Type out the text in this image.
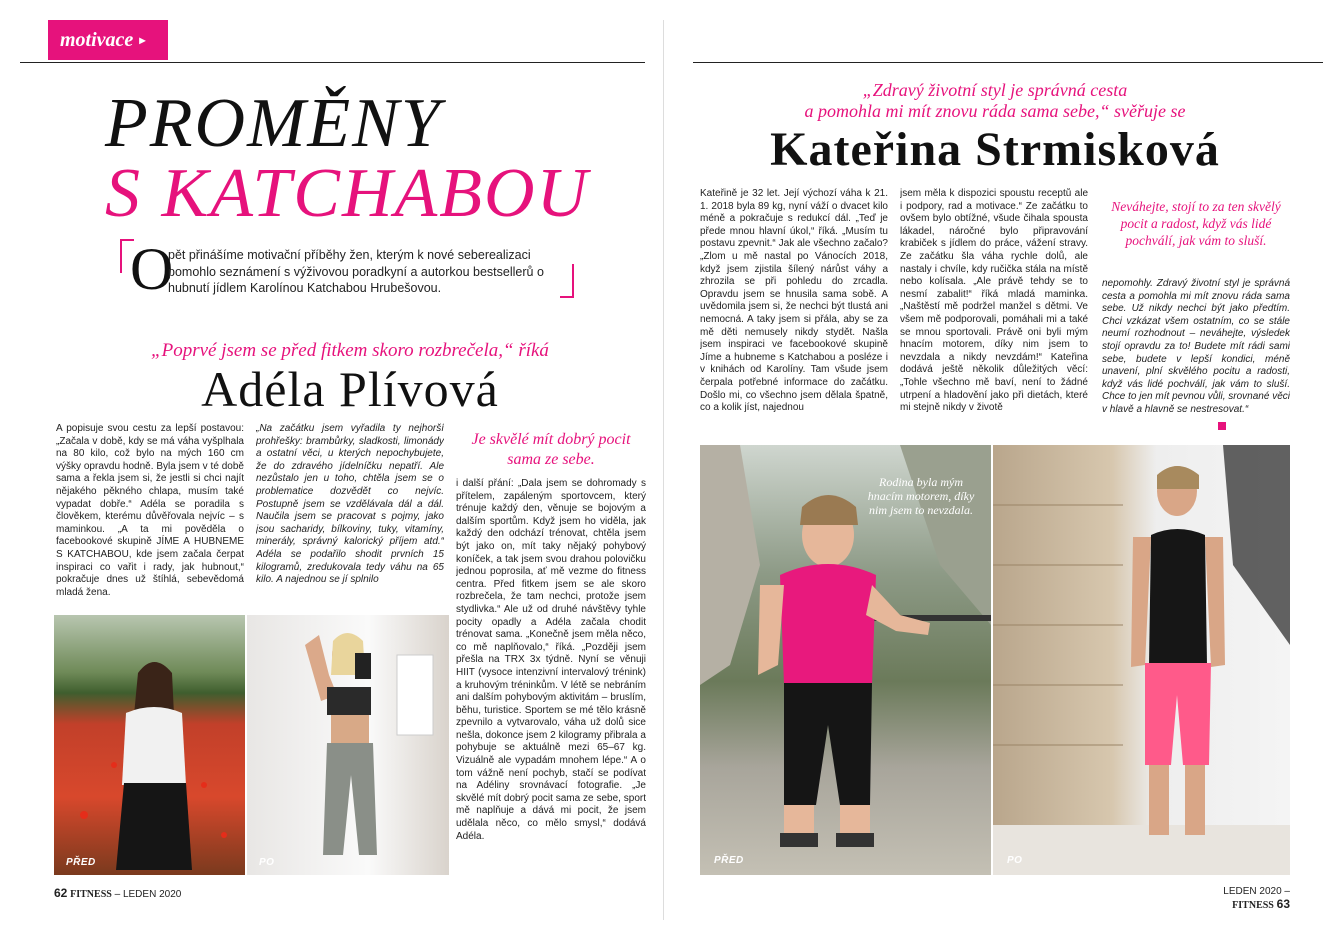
motivace ▸
PROMĚNY
S KATCHABOU
O
pět přinášíme motivační příběhy žen, kterým k nové seberealizaci pomohlo seznámení s výživovou poradkyní a autorkou bestsellerů o hubnutí jídlem Karolínou Katchabou Hrubešovou.
„Poprvé jsem se před fitkem skoro rozbrečela,“ říká
Adéla Plívová
A popisuje svou cestu za lepší postavou: „Začala v době, kdy se má váha vyšplhala na 80 kilo, což bylo na mých 160 cm výšky opravdu hodně. Byla jsem v té době sama a řekla jsem si, že jestli si chci najít nějakého pěkného chlapa, musím také vypadat dobře.“ Adéla se poradila s člověkem, kterému důvěřovala nejvíc – s maminkou. „A ta mi pověděla o facebookové skupině JÍME A HUBNEME S KATCHABOU, kde jsem začala čerpat inspiraci co vařit i rady, jak hubnout,“ pokračuje dnes už štíhlá, sebevědomá mladá žena.
„Na začátku jsem vyřadila ty nejhorší prohřešky: brambůrky, sladkosti, limonády a ostatní věci, u kterých nepochybujete, že do zdravého jídelníčku nepatří. Ale nezůstalo jen u toho, chtěla jsem se o problematice dozvědět co nejvíc. Postupně jsem se vzdělávala dál a dál. Naučila jsem se pracovat s pojmy, jako jsou sacharidy, bílkoviny, tuky, vitamíny, minerály, správný kalorický příjem atd.“ Adéla se podařilo shodit prvních 15 kilogramů, zredukovala tedy váhu na 65 kilo. A najednou se jí splnilo
Je skvělé mít dobrý pocit sama ze sebe.
i další přání: „Dala jsem se dohromady s přítelem, zapáleným sportovcem, který trénuje každý den, věnuje se bojovým a dalším sportům. Když jsem ho viděla, jak každý den odchází trénovat, chtěla jsem být jako on, mít taky nějaký pohybový koníček, a tak jsem svou drahou polovičku jednou poprosila, ať mě vezme do fitness centra. Před fitkem jsem se ale skoro rozbrečela, že tam nechci, protože jsem stydlivka.“ Ale už od druhé návštěvy tyhle pocity opadly a Adéla začala chodit trénovat sama. „Konečně jsem měla něco, co mě naplňovalo,“ říká. „Později jsem přešla na TRX 3x týdně. Nyní se věnuji HIIT (vysoce intenzivní intervalový trénink) a kruhovým tréninkům. V létě se nebráním ani dalším pohybovým aktivitám – bruslím, běhu, turistice. Sportem se mé tělo krásně zpevnilo a vytvarovalo, váha už dolů sice nešla, dokonce jsem 2 kilogramy přibrala a pohybuje se aktuálně mezi 65–67 kg. Vizuálně ale vypadám mnohem lépe.“ A o tom vážně není pochyb, stačí se podívat na Adéliny srovnávací fotografie. „Je skvělé mít dobrý pocit sama ze sebe, sport mě naplňuje a dává mi pocit, že jsem udělala něco, co mělo smysl,“ dodává Adéla.
PŘED	PO
62 FITNESS – LEDEN 2020
„Zdravý životní styl je správná cesta
a pomohla mi mít znovu ráda sama sebe,“ svěřuje se
Kateřina Strmisková
Kateřině je 32 let. Její výchozí váha k 21. 1. 2018 byla 89 kg, nyní váží o dvacet kilo méně a pokračuje s redukcí dál. „Teď je přede mnou hlavní úkol,“ říká. „Musím tu postavu zpevnit.“ Jak ale všechno začalo? „Zlom u mě nastal po Vánocích 2018, když jsem zjistila šílený nárůst váhy a zhrozila se při pohledu do zrcadla. Opravdu jsem se hnusila sama sobě. A uvědomila jsem si, že nechci být tlustá ani nemocná. A taky jsem si přála, aby se za mě děti nemusely nikdy stydět. Našla jsem inspiraci ve facebookové skupině Jíme a hubneme s Katchabou a posléze i v knihách od Karolíny. Tam všude jsem čerpala potřebné informace do začátku. Došlo mi, co všechno jsem dělala špatně, co a kolik jíst, najednou
jsem měla k dispozici spoustu receptů ale i podpory, rad a motivace.“ Ze začátku to ovšem bylo obtížné, všude čihala spousta lákadel, náročné bylo připravování krabiček s jídlem do práce, vážení stravy. Ze začátku šla váha rychle dolů, ale nastaly i chvíle, kdy ručička stála na místě nebo kolísala. „Ale právě tehdy se to nesmí zabalit!“ říká mladá maminka. „Naštěstí mě podržel manžel s dětmi. Ve všem mě podporovali, pomáhali mi a také se mnou sportovali. Právě oni byli mým hnacím motorem, díky nim jsem to nevzdala a nikdy nevzdám!“ Kateřina dodává ještě několik důležitých věcí: „Tohle všechno mě baví, není to žádné utrpení a hladovění jako při dietách, které mi stejně nikdy v životě
Neváhejte, stojí to za ten skvělý pocit a radost, když vás lidé pochválí, jak vám to sluší.
nepomohly. Zdravý životní styl je správná cesta a pomohla mi mít znovu ráda sama sebe. Už nikdy nechci být jako předtím. Chci vzkázat všem ostatním, co se stále neumí rozhodnout – neváhejte, výsledek stojí opravdu za to! Budete mít rádi sami sebe, budete v lepší kondici, méně unavení, plní skvělého pocitu a radosti, když vás lidé pochválí, jak vám to sluší. Chce to jen mít pevnou vůli, srovnané věci v hlavě a hlavně se nestresovat.“
PŘED
Rodina byla mým hnacím motorem, díky nim jsem to nevzdala.
PO
LEDEN 2020 – FITNESS 63
